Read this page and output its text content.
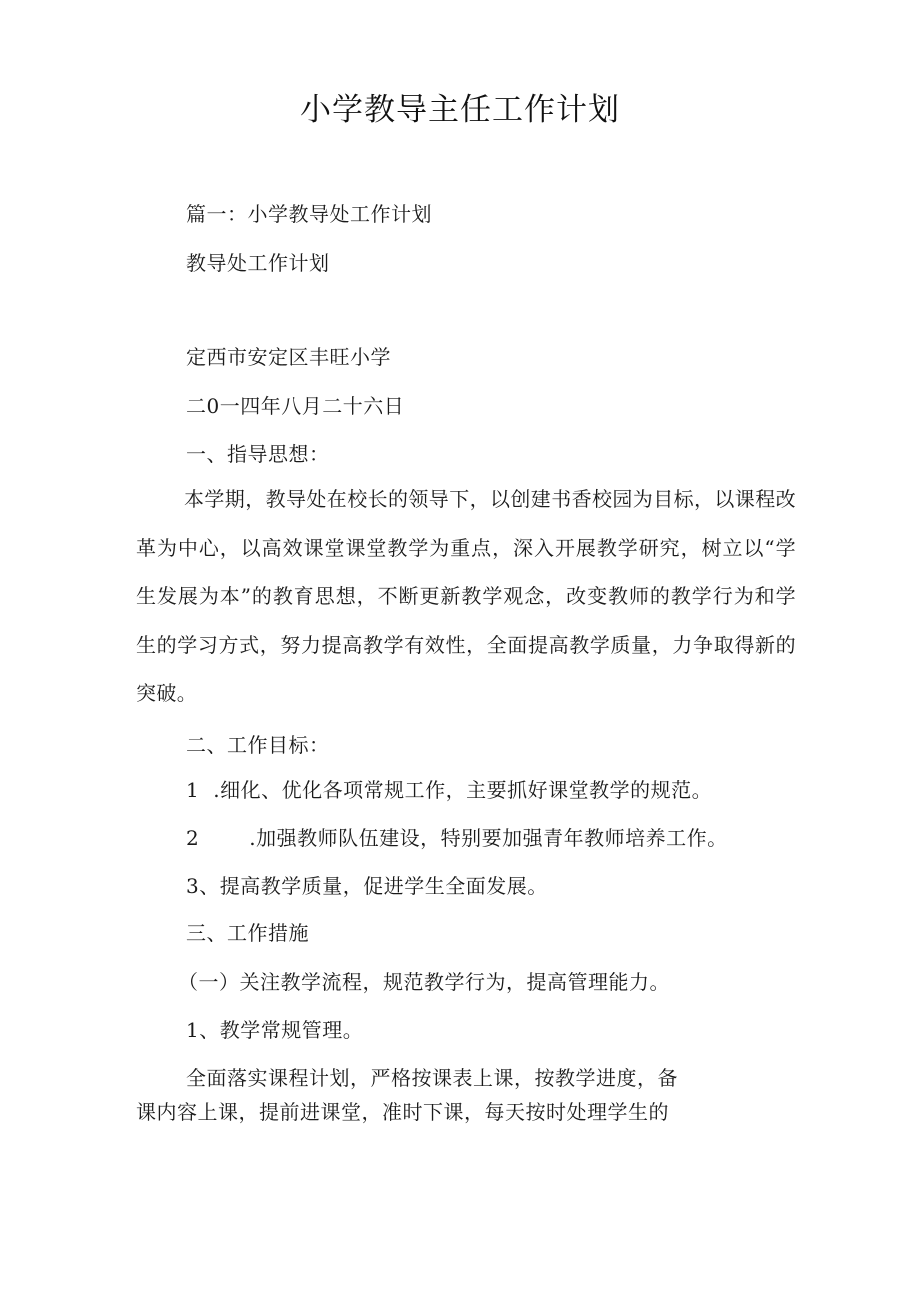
小学教导主任工作计划
篇一：小学教导处工作计划
教导处工作计划
定西市安定区丰旺小学
二0一四年八月二十六日
一、指导思想：
本学期，教导处在校长的领导下，以创建书香校园为目标，以课程改革为中心，以高效课堂课堂教学为重点，深入开展教学研究，树立以“学生发展为本”的教育思想，不断更新教学观念，改变教师的教学行为和学生的学习方式，努力提高教学有效性，全面提高教学质量，力争取得新的突破。
二、工作目标：
1 .细化、优化各项常规工作，主要抓好课堂教学的规范。
2	.加强教师队伍建设，特别要加强青年教师培养工作。
3、提高教学质量，促进学生全面发展。
三、工作措施
（一）关注教学流程，规范教学行为，提高管理能力。
1、教学常规管理。
全面落实课程计划，严格按课表上课，按教学进度，备
课内容上课，提前进课堂，准时下课，每天按时处理学生的
